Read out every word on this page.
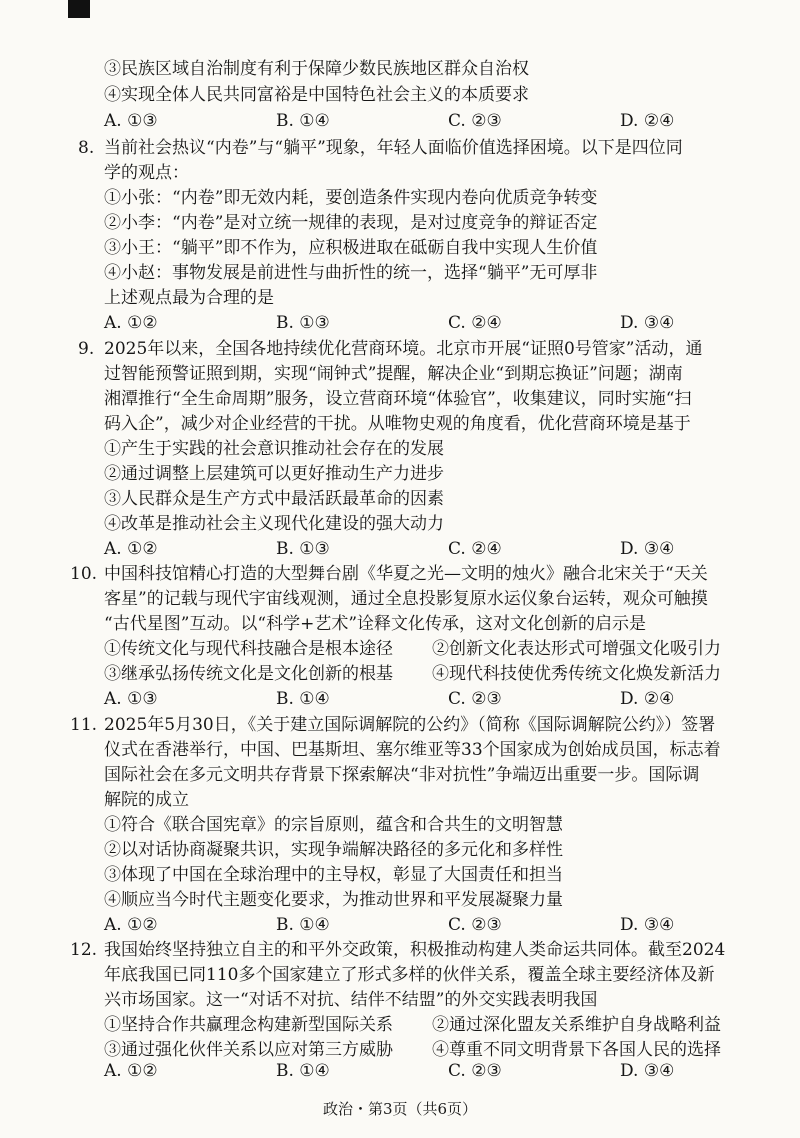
③民族区域自治制度有利于保障少数民族地区群众自治权
④实现全体人民共同富裕是中国特色社会主义的本质要求
A. ①③	B. ①④	C. ②③	D. ②④
8. 当前社会热议“内卷”与“躺平”现象，年轻人面临价值选择困境。以下是四位同
学的观点：
①小张：“内卷”即无效内耗，要创造条件实现内卷向优质竞争转变
②小李：“内卷”是对立统一规律的表现，是对过度竞争的辩证否定
③小王：“躺平”即不作为，应积极进取在砥砺自我中实现人生价值
④小赵：事物发展是前进性与曲折性的统一，选择“躺平”无可厚非
上述观点最为合理的是
A. ①②	B. ①③	C. ②④	D. ③④
9. 2025年以来，全国各地持续优化营商环境。北京市开展“证照0号管家”活动，通
过智能预警证照到期，实现“闹钟式”提醒，解决企业“到期忘换证”问题；湖南
湘潭推行“全生命周期”服务，设立营商环境“体验官”，收集建议，同时实施“扫
码入企”，减少对企业经营的干扰。从唯物史观的角度看，优化营商环境是基于
①产生于实践的社会意识推动社会存在的发展
②通过调整上层建筑可以更好推动生产力进步
③人民群众是生产方式中最活跃最革命的因素
④改革是推动社会主义现代化建设的强大动力
A. ①②	B. ①③	C. ②④	D. ③④
10. 中国科技馆精心打造的大型舞台剧《华夏之光—文明的烛火》融合北宋关于“天关
客星”的记载与现代宇宙线观测，通过全息投影复原水运仪象台运转，观众可触摸
“古代星图”互动。以“科学+艺术”诠释文化传承，这对文化创新的启示是
①传统文化与现代科技融合是根本途径 ②创新文化表达形式可增强文化吸引力
③继承弘扬传统文化是文化创新的根基 ④现代科技使优秀传统文化焕发新活力
A. ①③	B. ①④	C. ②③	D. ②④
11. 2025年5月30日，《关于建立国际调解院的公约》（简称《国际调解院公约》）签署
仪式在香港举行，中国、巴基斯坦、塞尔维亚等33个国家成为创始成员国，标志着
国际社会在多元文明共存背景下探索解决“非对抗性”争端迈出重要一步。国际调
解院的成立
①符合《联合国宪章》的宗旨原则，蕴含和合共生的文明智慧
②以对话协商凝聚共识，实现争端解决路径的多元化和多样性
③体现了中国在全球治理中的主导权，彰显了大国责任和担当
④顺应当今时代主题变化要求，为推动世界和平发展凝聚力量
A. ①②	B. ①④	C. ②③	D. ③④
12. 我国始终坚持独立自主的和平外交政策，积极推动构建人类命运共同体。截至2024
年底我国已同110多个国家建立了形式多样的伙伴关系，覆盖全球主要经济体及新
兴市场国家。这一“对话不对抗、结伴不结盟”的外交实践表明我国
①坚持合作共赢理念构建新型国际关系 ②通过深化盟友关系维护自身战略利益
③通过强化伙伴关系以应对第三方威胁 ④尊重不同文明背景下各国人民的选择
A. ①②	B. ①④	C. ②③	D. ③④
政治・第3页（共6页）
